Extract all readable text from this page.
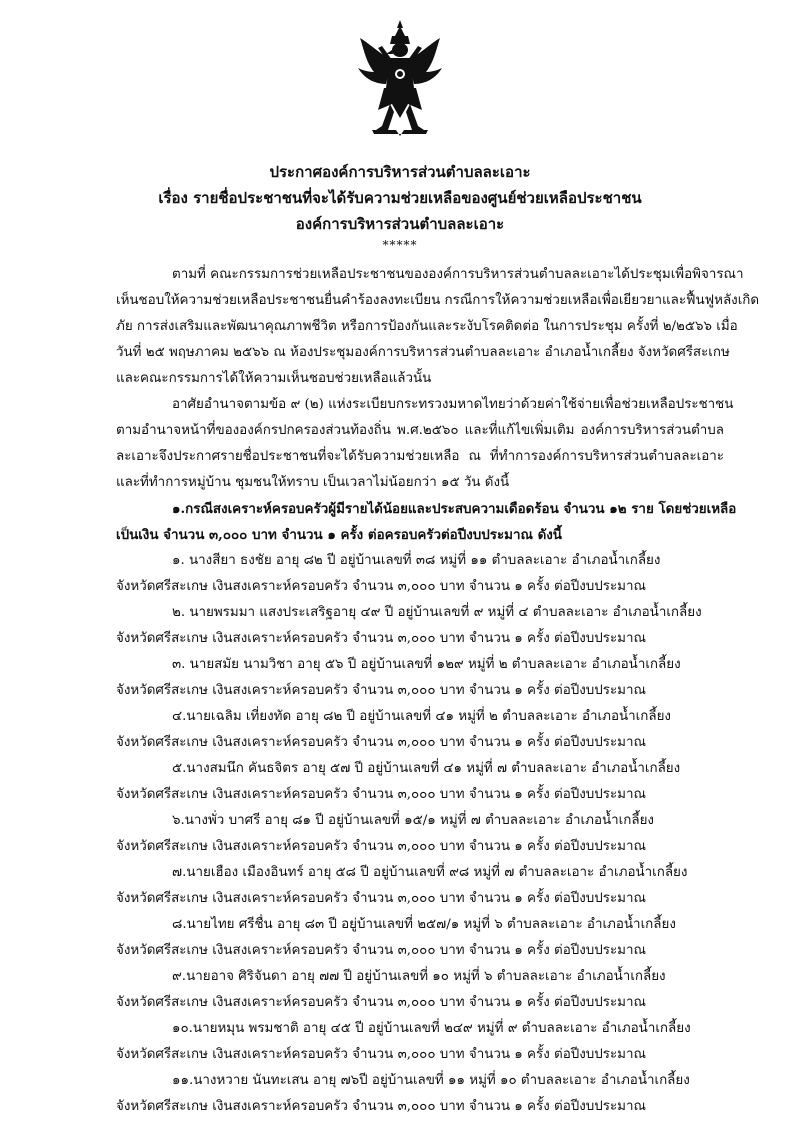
ประกาศองค์การบริหารส่วนตำบลละเอาะ
เรื่อง รายชื่อประชาชนที่จะได้รับความช่วยเหลือของศูนย์ช่วยเหลือประชาชน
องค์การบริหารส่วนตำบลละเอาะ
*****
ตามที่ คณะกรรมการช่วยเหลือประชาชนขององค์การบริหารส่วนตำบลละเอาะได้ประชุมเพื่อพิจารณา
เห็นชอบให้ความช่วยเหลือประชาชนยื่นคำร้องลงทะเบียน กรณีการให้ความช่วยเหลือเพื่อเยียวยาและฟื้นฟูหลังเกิด
ภัย การส่งเสริมและพัฒนาคุณภาพชีวิต หรือการป้องกันและระงับโรคติดต่อ ในการประชุม ครั้งที่ ๒/๒๕๖๖ เมื่อ
วันที่ ๒๕ พฤษภาคม ๒๕๖๖ ณ ห้องประชุมองค์การบริหารส่วนตำบลละเอาะ อำเภอน้ำเกลี้ยง จังหวัดศรีสะเกษ
และคณะกรรมการได้ให้ความเห็นชอบช่วยเหลือแล้วนั้น
อาศัยอำนาจตามข้อ ๙ (๒) แห่งระเบียบกระทรวงมหาดไทยว่าด้วยค่าใช้จ่ายเพื่อช่วยเหลือประชาชน
ตามอำนาจหน้าที่ขององค์กรปกครองส่วนท้องถิ่น พ.ศ.๒๕๖๐ และที่แก้ไขเพิ่มเติม องค์การบริหารส่วนตำบล
ละเอาะจึงประกาศรายชื่อประชาชนที่จะได้รับความช่วยเหลือ ณ ที่ทำการองค์การบริหารส่วนตำบลละเอาะ
และที่ทำการหมู่บ้าน ชุมชนให้ทราบ เป็นเวลาไม่น้อยกว่า ๑๕ วัน ดังนี้
๑.กรณีสงเคราะห์ครอบครัวผู้มีรายได้น้อยและประสบความเดือดร้อน จำนวน ๑๒ ราย โดยช่วยเหลือ
เป็นเงิน จำนวน ๓,๐๐๐ บาท จำนวน ๑ ครั้ง ต่อครอบครัวต่อปีงบประมาณ ดังนี้
๑. นางสียา ธงชัย อายุ ๘๒ ปี อยู่บ้านเลขที่ ๓๘ หมู่ที่ ๑๑ ตำบลละเอาะ อำเภอน้ำเกลี้ยง
จังหวัดศรีสะเกษ เงินสงเคราะห์ครอบครัว จำนวน ๓,๐๐๐ บาท จำนวน ๑ ครั้ง ต่อปีงบประมาณ
๒. นายพรมมา แสงประเสริฐอายุ ๔๙ ปี อยู่บ้านเลขที่ ๙ หมู่ที่ ๔ ตำบลละเอาะ อำเภอน้ำเกลี้ยง
จังหวัดศรีสะเกษ เงินสงเคราะห์ครอบครัว จำนวน ๓,๐๐๐ บาท จำนวน ๑ ครั้ง ต่อปีงบประมาณ
๓. นายสมัย นามวิชา อายุ ๕๖ ปี อยู่บ้านเลขที่ ๑๒๙ หมู่ที่ ๒ ตำบลละเอาะ อำเภอน้ำเกลี้ยง
จังหวัดศรีสะเกษ เงินสงเคราะห์ครอบครัว จำนวน ๓,๐๐๐ บาท จำนวน ๑ ครั้ง ต่อปีงบประมาณ
๔.นายเฉลิม เที่ยงทัด อายุ ๘๒ ปี อยู่บ้านเลขที่ ๔๑ หมู่ที่ ๒ ตำบลละเอาะ อำเภอน้ำเกลี้ยง
จังหวัดศรีสะเกษ เงินสงเคราะห์ครอบครัว จำนวน ๓,๐๐๐ บาท จำนวน ๑ ครั้ง ต่อปีงบประมาณ
๕.นางสมนึก คันธจิตร อายุ ๕๗ ปี อยู่บ้านเลขที่ ๔๑ หมู่ที่ ๗ ตำบลละเอาะ อำเภอน้ำเกลี้ยง
จังหวัดศรีสะเกษ เงินสงเคราะห์ครอบครัว จำนวน ๓,๐๐๐ บาท จำนวน ๑ ครั้ง ต่อปีงบประมาณ
๖.นางพั่ว บาศรี อายุ ๘๑ ปี อยู่บ้านเลขที่ ๑๕/๑ หมู่ที่ ๗ ตำบลละเอาะ อำเภอน้ำเกลี้ยง
จังหวัดศรีสะเกษ เงินสงเคราะห์ครอบครัว จำนวน ๓,๐๐๐ บาท จำนวน ๑ ครั้ง ต่อปีงบประมาณ
๗.นายเฮือง เมืองอินทร์ อายุ ๕๘ ปี อยู่บ้านเลขที่ ๙๘ หมู่ที่ ๗ ตำบลละเอาะ อำเภอน้ำเกลี้ยง
จังหวัดศรีสะเกษ เงินสงเคราะห์ครอบครัว จำนวน ๓,๐๐๐ บาท จำนวน ๑ ครั้ง ต่อปีงบประมาณ
๘.นายไทย ศรีชื่น อายุ ๘๓ ปี อยู่บ้านเลขที่ ๒๕๗/๑ หมู่ที่ ๖ ตำบลละเอาะ อำเภอน้ำเกลี้ยง
จังหวัดศรีสะเกษ เงินสงเคราะห์ครอบครัว จำนวน ๓,๐๐๐ บาท จำนวน ๑ ครั้ง ต่อปีงบประมาณ
๙.นายอาจ ศิริจันดา อายุ ๗๗ ปี อยู่บ้านเลขที่ ๑๐ หมู่ที่ ๖ ตำบลละเอาะ อำเภอน้ำเกลี้ยง
จังหวัดศรีสะเกษ เงินสงเคราะห์ครอบครัว จำนวน ๓,๐๐๐ บาท จำนวน ๑ ครั้ง ต่อปีงบประมาณ
๑๐.นายหมุน พรมชาติ อายุ ๔๕ ปี อยู่บ้านเลขที่ ๒๔๙ หมู่ที่ ๙ ตำบลละเอาะ อำเภอน้ำเกลี้ยง
จังหวัดศรีสะเกษ เงินสงเคราะห์ครอบครัว จำนวน ๓,๐๐๐ บาท จำนวน ๑ ครั้ง ต่อปีงบประมาณ
๑๑.นางหวาย นันทะเสน อายุ ๗๖ปี อยู่บ้านเลขที่ ๑๑ หมู่ที่ ๑๐ ตำบลละเอาะ อำเภอน้ำเกลี้ยง
จังหวัดศรีสะเกษ เงินสงเคราะห์ครอบครัว จำนวน ๓,๐๐๐ บาท จำนวน ๑ ครั้ง ต่อปีงบประมาณ
